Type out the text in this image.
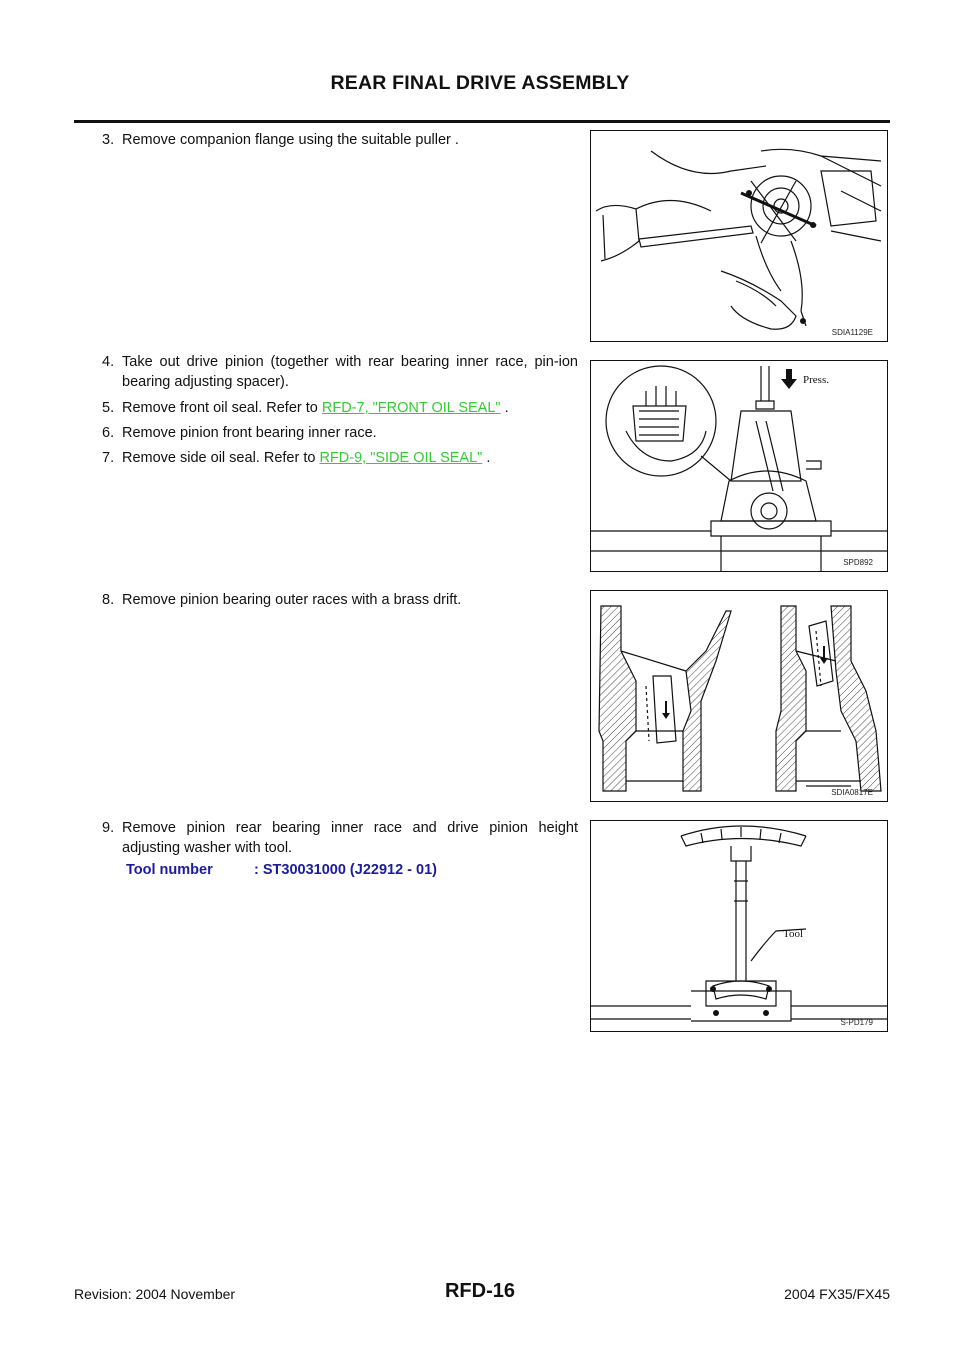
REAR FINAL DRIVE ASSEMBLY
3. Remove companion flange using the suitable puller .
SDIA1129E
4. Take out drive pinion (together with rear bearing inner race, pin-ion bearing adjusting spacer).
5. Remove front oil seal. Refer to RFD-7, "FRONT OIL SEAL" .
6. Remove pinion front bearing inner race.
7. Remove side oil seal. Refer to RFD-9, "SIDE OIL SEAL" .
Press.
SPD892
8. Remove pinion bearing outer races with a brass drift.
SDIA0817E
9. Remove pinion rear bearing inner race and drive pinion height adjusting washer with tool.
Tool number	: ST30031000 (J22912 - 01)
Tool
S-PD179
Revision: 2004 November	RFD-16	2004 FX35/FX45
